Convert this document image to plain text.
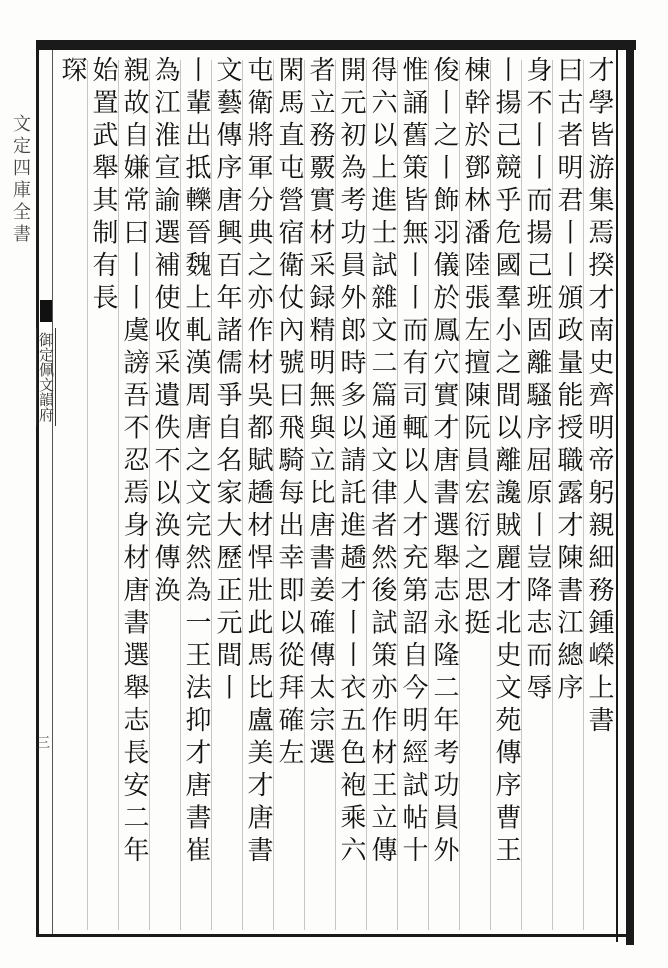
文定四庫全書
御定佩文韻府
三
才學皆游集焉揆才南史齊明帝躬親細務鍾嶸上書
曰古者明君丨丨頒政量能授職露才陳書江總序
身不丨丨而揚己班固離騷序屈原丨豈降志而辱
丨揚己競乎危國羣小之間以離讒賊麗才北史文苑傳序曹王
棟幹於鄧林潘陸張左擅陳阮員宏衍之思挺
俊丨之丨飾羽儀於鳳穴實才唐書選舉志永隆二年考功員外
惟誦舊策皆無丨丨而有司輒以人才充第詔自今明經試帖十
得六以上進士試雜文二篇通文律者然後試策亦作材王立傳
開元初為考功員外郎時多以請託進趫才丨丨衣五色袍乘六
者立務覈實材采録精明無與立比唐書姜確傳太宗選
閑馬直屯營宿衛仗內號曰飛騎每出幸即以從拜確左
屯衛將軍分典之亦作材吳都賦趫材悍壯此馬比盧美才唐書
文藝傳序唐興百年諸儒爭自名家大歷正元間丨
丨輩出抵轢晉魏上軋漢周唐之文完然為一王法抑才唐書崔
為江淮宣諭選補使收采遺佚不以涣傳涣
親故自嫌常曰丨丨虞謗吾不忍焉身材唐書選舉志長安二年
始置武舉其制有長
琛
